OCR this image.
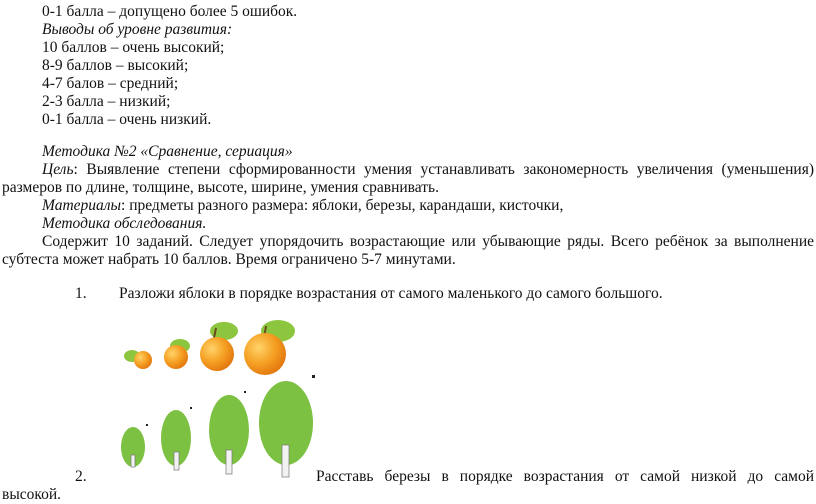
0-1 балла – допущено более 5 ошибок.
Выводы об уровне развития:
10 баллов – очень высокий;
8-9 баллов – высокий;
4-7 балов – средний;
2-3 балла – низкий;
0-1 балла – очень низкий.
Методика №2 «Сравнение, сериация»
Цель: Выявление степени сформированности умения устанавливать закономерность увеличения (уменьшения) размеров по длине, толщине, высоте, ширине, умения сравнивать.
Материалы: предметы разного размера: яблоки, березы, карандаши, кисточки,
Методика обследования.
Содержит 10 заданий. Следует упорядочить возрастающие или убывающие ряды. Всего ребёнок за выполнение субтеста может набрать 10 баллов. Время ограничено 5-7 минутами.
1. Разложи яблоки в порядке возрастания от самого маленького до самого большого.
2.	Расставь березы в порядке возрастания от самой низкой до самой
высокой.
